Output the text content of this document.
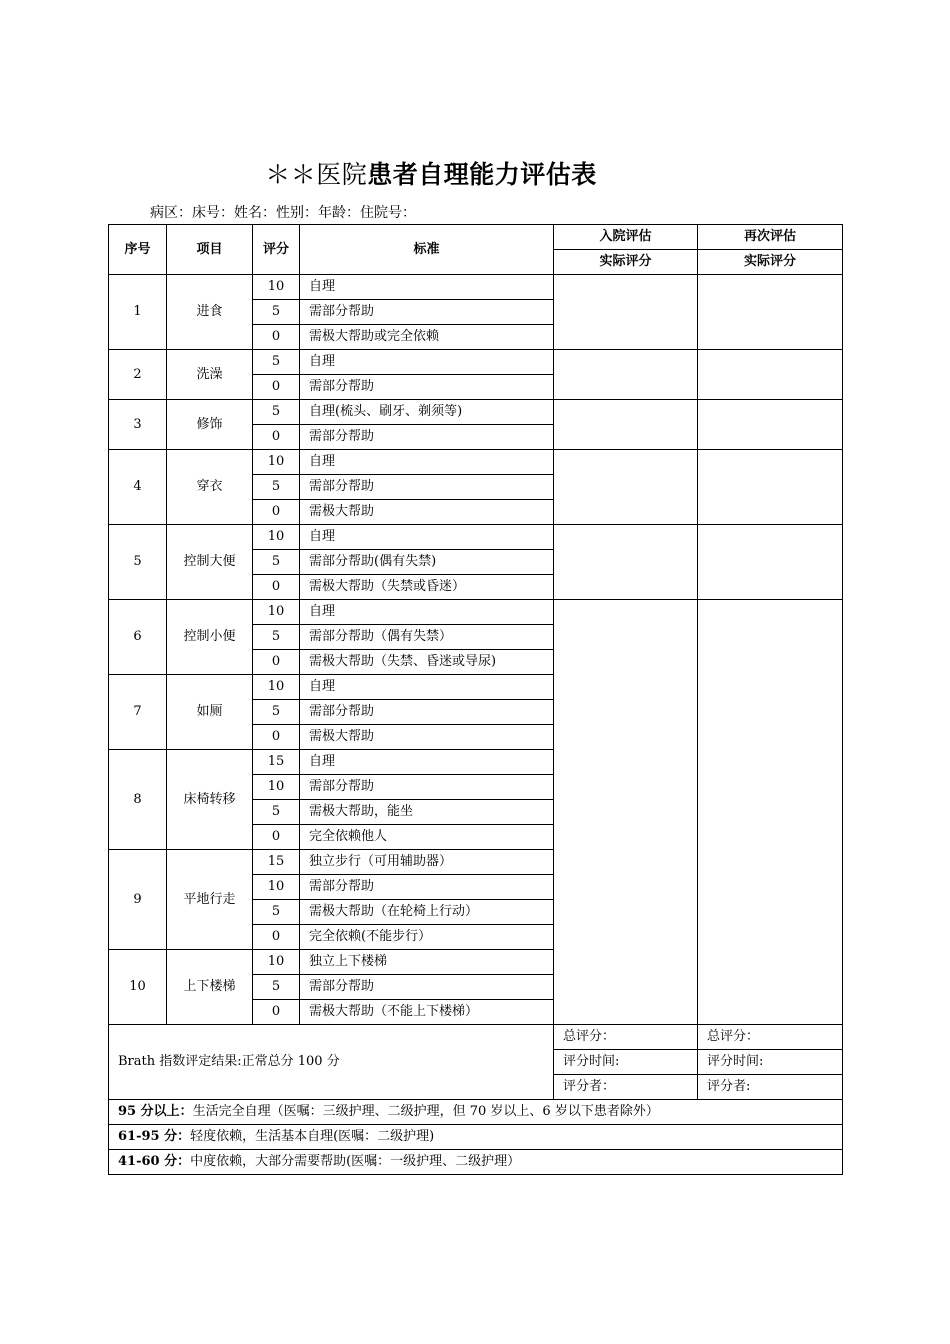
＊＊医院患者自理能力评估表
病区：床号：姓名：性别：年龄：住院号：
序号	项目	评分	标准	入院评估	再次评估
				实际评分	实际评分
1	进食	10	自理		
		5	需部分帮助		
		0	需极大帮助或完全依赖		
2	洗澡	5	自理		
		0	需部分帮助		
3	修饰	5	自理(梳头、刷牙、剃须等)		
		0	需部分帮助		
4	穿衣	10	自理		
		5	需部分帮助		
		0	需极大帮助		
5	控制大便	10	自理		
		5	需部分帮助(偶有失禁)		
		0	需极大帮助（失禁或昏迷）		
6	控制小便	10	自理		
		5	需部分帮助（偶有失禁）		
		0	需极大帮助（失禁、昏迷或导尿)		
7	如厕	10	自理		
		5	需部分帮助		
		0	需极大帮助		
8	床椅转移	15	自理		
		10	需部分帮助		
		5	需极大帮助，能坐		
		0	完全依赖他人		
9	平地行走	15	独立步行（可用辅助器）		
		10	需部分帮助		
		5	需极大帮助（在轮椅上行动）		
		0	完全依赖(不能步行）		
10	上下楼梯	10	独立上下楼梯		
		5	需部分帮助		
		0	需极大帮助（不能上下楼梯）		
Brath 指数评定结果:正常总分 100 分				总评分：	总评分：
				评分时间:	评分时间:
				评分者：	评分者:
95 分以上：生活完全自理（医嘱：三级护理、二级护理，但 70 岁以上、6 岁以下患者除外）					
61-95 分：轻度依赖，生活基本自理(医嘱：二级护理)					
41-60 分：中度依赖，大部分需要帮助(医嘱：一级护理、二级护理）					
